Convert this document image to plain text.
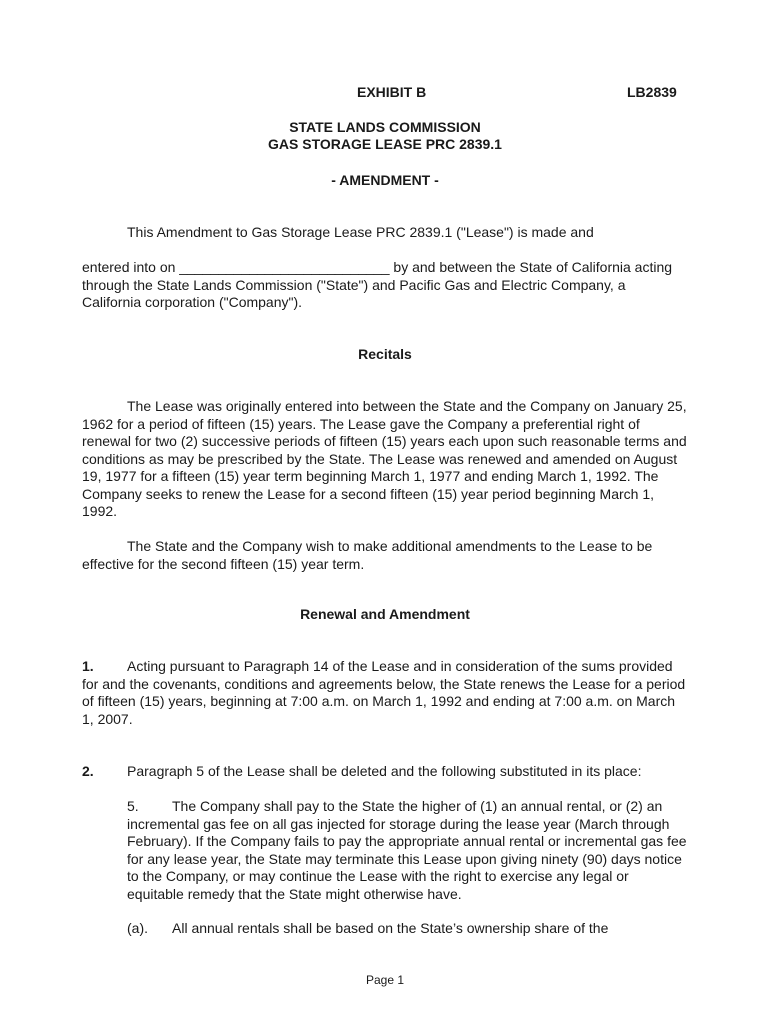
EXHIBIT B	LB2839
STATE LANDS COMMISSION
GAS STORAGE LEASE PRC 2839.1
- AMENDMENT -

This Amendment to Gas Storage Lease PRC 2839.1 ("Lease") is made and

entered into on ___________________________ by and between the State of California acting through the State Lands Commission ("State") and Pacific Gas and Electric Company, a California corporation ("Company").

Recitals

The Lease was originally entered into between the State and the Company on January 25, 1962 for a period of fifteen (15) years. The Lease gave the Company a preferential right of renewal for two (2) successive periods of fifteen (15) years each upon such reasonable terms and conditions as may be prescribed by the State. The Lease was renewed and amended on August 19, 1977 for a fifteen (15) year term beginning March 1, 1977 and ending March 1, 1992. The Company seeks to renew the Lease for a second fifteen (15) year period beginning March 1, 1992.

The State and the Company wish to make additional amendments to the Lease to be effective for the second fifteen (15) year term.

Renewal and Amendment
1.	Acting pursuant to Paragraph 14 of the Lease and in consideration of the sums provided for and the covenants, conditions and agreements below, the State renews the Lease for a period of fifteen (15) years, beginning at 7:00 a.m. on March 1, 1992 and ending at 7:00 a.m. on March 1, 2007.

2. Paragraph 5 of the Lease shall be deleted and the following substituted in its place:

5.	The Company shall pay to the State the higher of (1) an annual rental, or (2) an incremental gas fee on all gas injected for storage during the lease year (March through February). If the Company fails to pay the appropriate annual rental or incremental gas fee for any lease year, the State may terminate this Lease upon giving ninety (90) days notice to the Company, or may continue the Lease with the right to exercise any legal or equitable remedy that the State might otherwise have.

(a). All annual rentals shall be based on the State’s ownership share of the

Page 1
